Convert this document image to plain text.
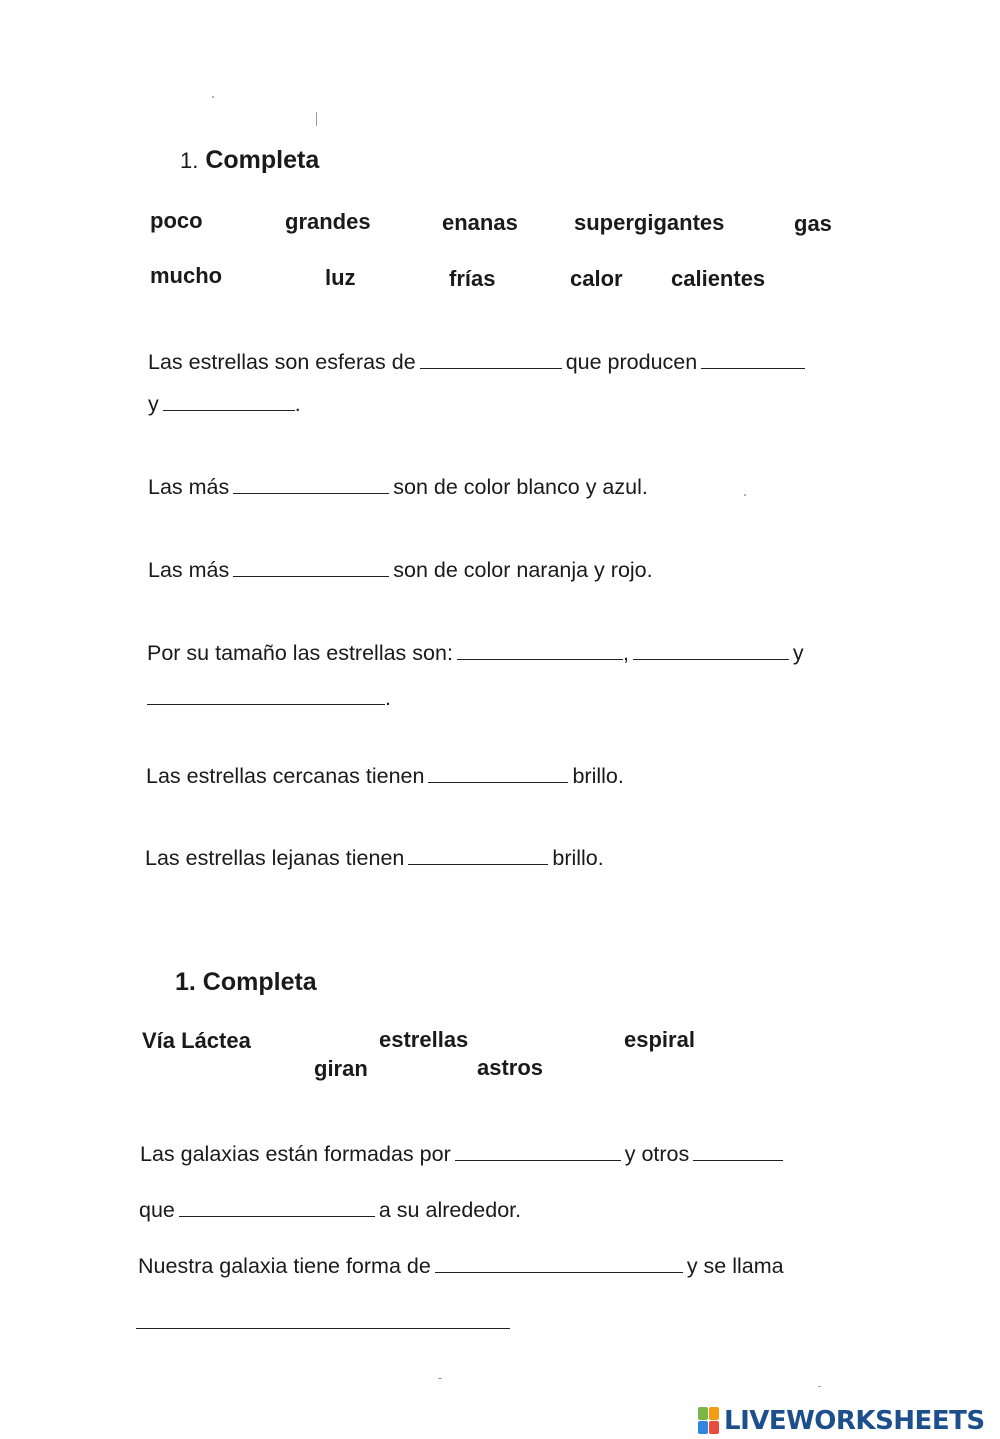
1. Completa
poco	grandes	enanas	supergigantes	gas
mucho	luz	frías	calor calientes
Las estrellas son esferas de	que producen
y	.
Las más	son de color blanco y azul.
Las más	son de color naranja y rojo.
Por su tamaño las estrellas son:	,	y
.
Las estrellas cercanas tienen	brillo.
Las estrellas lejanas tienen	brillo.
1. Completa
Vía Láctea	estrellas	espiral
giran	astros
Las galaxias están formadas por	y otros
que	a su alrededor.
Nuestra galaxia tiene forma de	y se llama
LIVEWORKSHEETS
